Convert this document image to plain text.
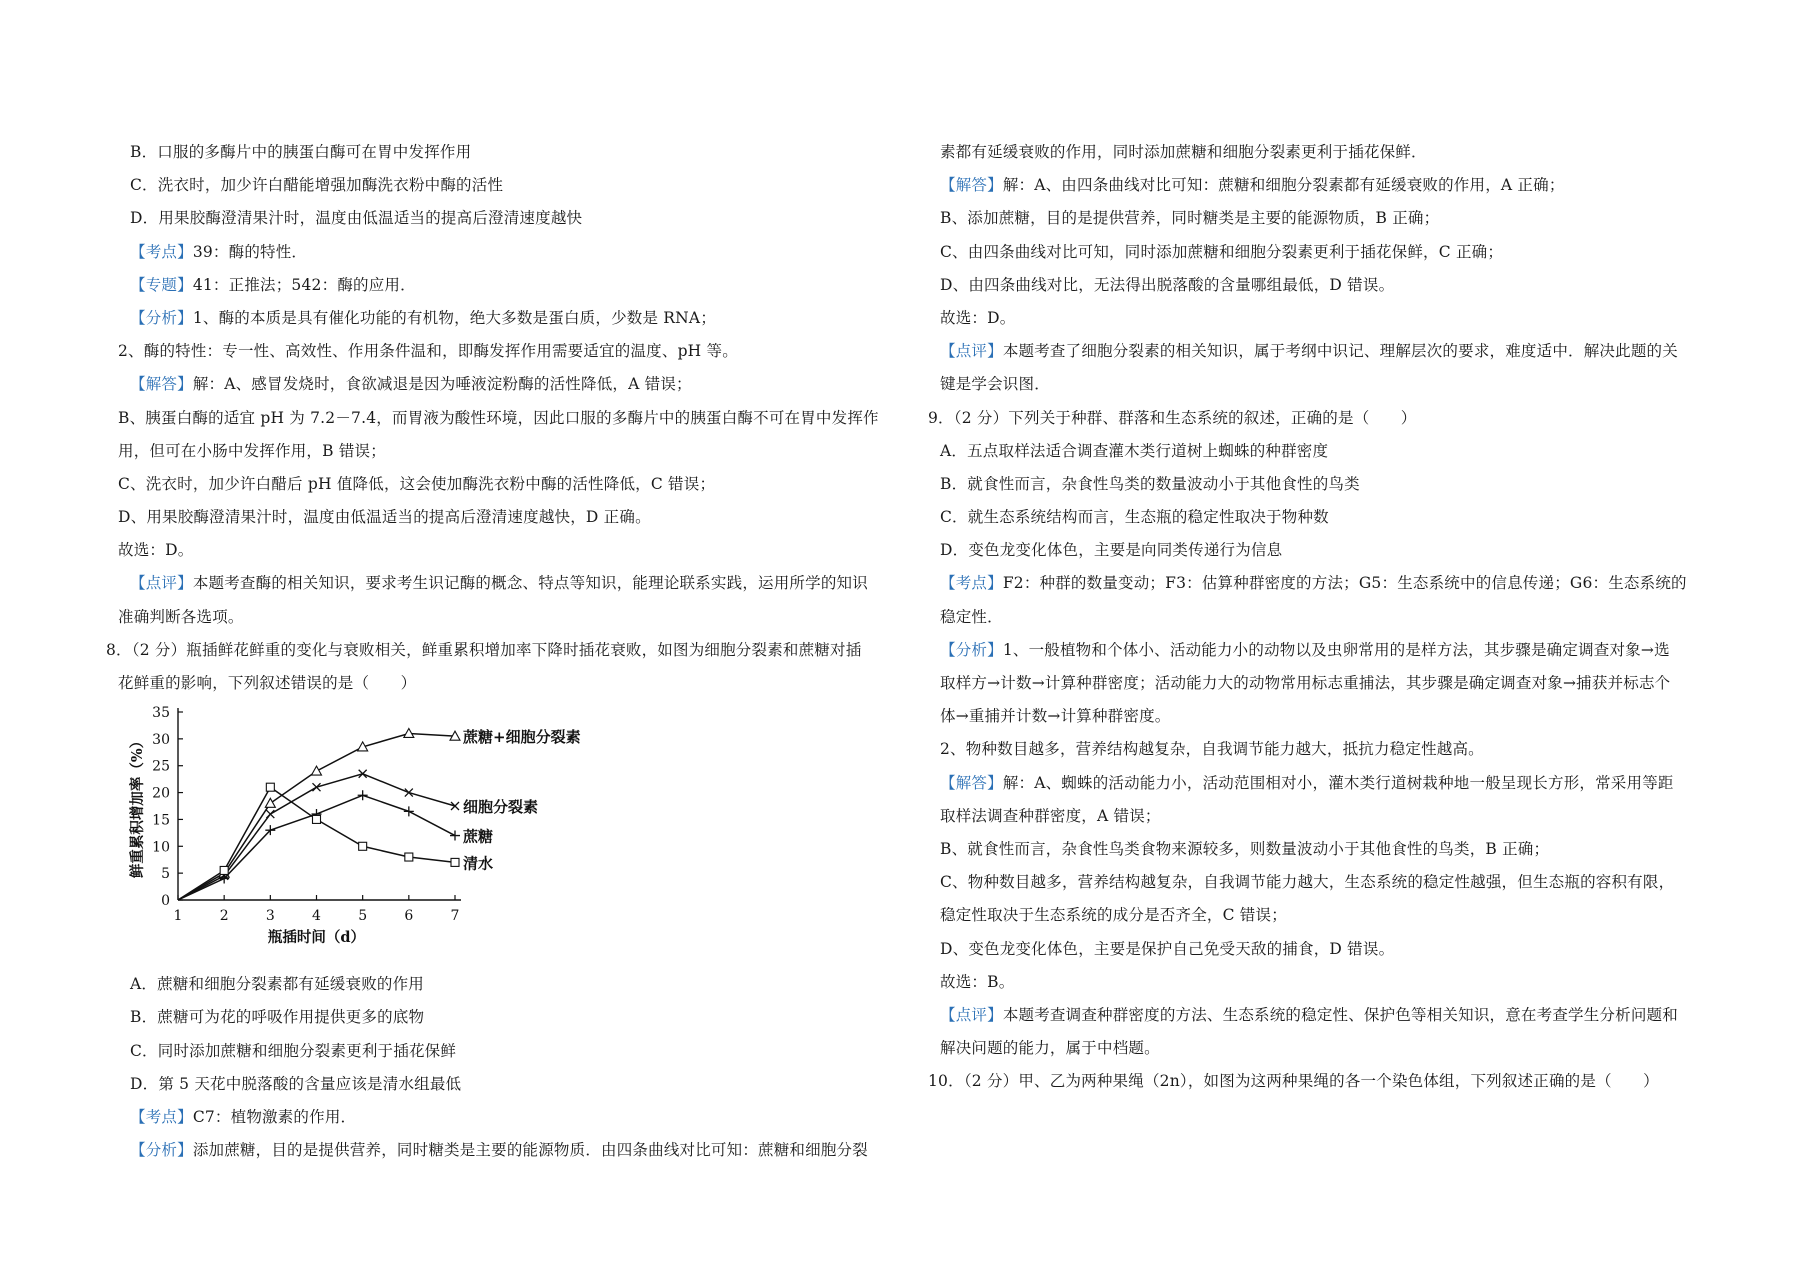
B．口服的多酶片中的胰蛋白酶可在胃中发挥作用
C．洗衣时，加少许白醋能增强加酶洗衣粉中酶的活性
D．用果胶酶澄清果汁时，温度由低温适当的提高后澄清速度越快
【考点】39：酶的特性．
【专题】41：正推法；542：酶的应用．
【分析】1、酶的本质是具有催化功能的有机物，绝大多数是蛋白质，少数是 RNA；
2、酶的特性：专一性、高效性、作用条件温和，即酶发挥作用需要适宜的温度、pH 等。
【解答】解：A、感冒发烧时，食欲减退是因为唾液淀粉酶的活性降低，A 错误；
B、胰蛋白酶的适宜 pH 为 7.2－7.4，而胃液为酸性环境，因此口服的多酶片中的胰蛋白酶不可在胃中发挥作
用，但可在小肠中发挥作用，B 错误；
C、洗衣时，加少许白醋后 pH 值降低，这会使加酶洗衣粉中酶的活性降低，C 错误；
D、用果胶酶澄清果汁时，温度由低温适当的提高后澄清速度越快，D 正确。
故选：D。
【点评】本题考查酶的相关知识，要求考生识记酶的概念、特点等知识，能理论联系实践，运用所学的知识
准确判断各选项。
8．（2 分）瓶插鲜花鲜重的变化与衰败相关，鲜重累积增加率下降时插花衰败，如图为细胞分裂素和蔗糖对插
花鲜重的影响，下列叙述错误的是（　　）
0
5
10
15
20
25
30
35
1	2	3	4	5	6	7
瓶插时间（d）
鲜重累积增加率（%）	蔗糖+细胞分裂素
细胞分裂素
蔗糖
清水
A．蔗糖和细胞分裂素都有延缓衰败的作用
B．蔗糖可为花的呼吸作用提供更多的底物
C．同时添加蔗糖和细胞分裂素更利于插花保鲜
D．第 5 天花中脱落酸的含量应该是清水组最低
【考点】C7：植物激素的作用．
【分析】添加蔗糖，目的是提供营养，同时糖类是主要的能源物质．由四条曲线对比可知：蔗糖和细胞分裂
素都有延缓衰败的作用，同时添加蔗糖和细胞分裂素更利于插花保鲜．
【解答】解：A、由四条曲线对比可知：蔗糖和细胞分裂素都有延缓衰败的作用，A 正确；
B、添加蔗糖，目的是提供营养，同时糖类是主要的能源物质，B 正确；
C、由四条曲线对比可知，同时添加蔗糖和细胞分裂素更利于插花保鲜，C 正确；
D、由四条曲线对比，无法得出脱落酸的含量哪组最低，D 错误。
故选：D。
【点评】本题考查了细胞分裂素的相关知识，属于考纲中识记、理解层次的要求，难度适中．解决此题的关
键是学会识图．
9．（2 分）下列关于种群、群落和生态系统的叙述，正确的是（　　）
A．五点取样法适合调查灌木类行道树上蜘蛛的种群密度
B．就食性而言，杂食性鸟类的数量波动小于其他食性的鸟类
C．就生态系统结构而言，生态瓶的稳定性取决于物种数
D．变色龙变化体色，主要是向同类传递行为信息
【考点】F2：种群的数量变动；F3：估算种群密度的方法；G5：生态系统中的信息传递；G6：生态系统的
稳定性．
【分析】1、一般植物和个体小、活动能力小的动物以及虫卵常用的是样方法，其步骤是确定调查对象→选
取样方→计数→计算种群密度；活动能力大的动物常用标志重捕法，其步骤是确定调查对象→捕获并标志个
体→重捕并计数→计算种群密度。
2、物种数目越多，营养结构越复杂，自我调节能力越大，抵抗力稳定性越高。
【解答】解：A、蜘蛛的活动能力小，活动范围相对小，灌木类行道树栽种地一般呈现长方形，常采用等距
取样法调查种群密度，A 错误；
B、就食性而言，杂食性鸟类食物来源较多，则数量波动小于其他食性的鸟类，B 正确；
C、物种数目越多，营养结构越复杂，自我调节能力越大，生态系统的稳定性越强，但生态瓶的容积有限，
稳定性取决于生态系统的成分是否齐全，C 错误；
D、变色龙变化体色，主要是保护自己免受天敌的捕食，D 错误。
故选：B。
【点评】本题考查调查种群密度的方法、生态系统的稳定性、保护色等相关知识，意在考查学生分析问题和
解决问题的能力，属于中档题。
10．（2 分）甲、乙为两种果绳（2n），如图为这两种果绳的各一个染色体组，下列叙述正确的是（　　）
